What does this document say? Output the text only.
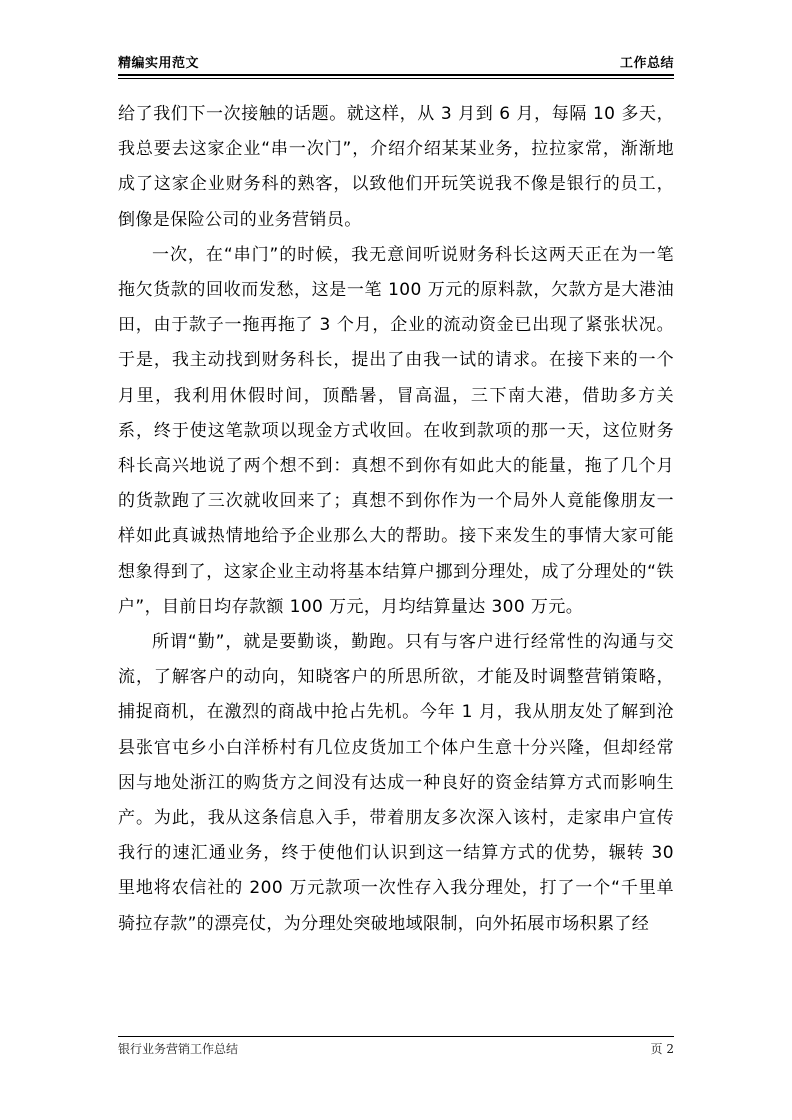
精编实用范文	工作总结

给了我们下一次接触的话题。就这样，从 3 月到 6 月，每隔 10 多天，我总要去这家企业“串一次门”，介绍介绍某某业务，拉拉家常，渐渐地成了这家企业财务科的熟客，以致他们开玩笑说我不像是银行的员工，倒像是保险公司的业务营销员。

一次，在“串门”的时候，我无意间听说财务科长这两天正在为一笔拖欠货款的回收而发愁，这是一笔 100 万元的原料款，欠款方是大港油田，由于款子一拖再拖了 3 个月，企业的流动资金已出现了紧张状况。于是，我主动找到财务科长，提出了由我一试的请求。在接下来的一个月里，我利用休假时间，顶酷暑，冒高温，三下南大港，借助多方关系，终于使这笔款项以现金方式收回。在收到款项的那一天，这位财务科长高兴地说了两个想不到：真想不到你有如此大的能量，拖了几个月的货款跑了三次就收回来了；真想不到你作为一个局外人竟能像朋友一样如此真诚热情地给予企业那么大的帮助。接下来发生的事情大家可能想象得到了，这家企业主动将基本结算户挪到分理处，成了分理处的“铁户”，目前日均存款额 100 万元，月均结算量达 300 万元。

所谓“勤”，就是要勤谈，勤跑。只有与客户进行经常性的沟通与交流，了解客户的动向，知晓客户的所思所欲，才能及时调整营销策略，捕捉商机，在激烈的商战中抢占先机。今年 1 月，我从朋友处了解到沧县张官屯乡小白洋桥村有几位皮货加工个体户生意十分兴隆，但却经常因与地处浙江的购货方之间没有达成一种良好的资金结算方式而影响生产。为此，我从这条信息入手，带着朋友多次深入该村，走家串户宣传我行的速汇通业务，终于使他们认识到这一结算方式的优势，辗转 30 里地将农信社的 200 万元款项一次性存入我分理处，打了一个“千里单骑拉存款”的漂亮仗，为分理处突破地域限制，向外拓展市场积累了经

银行业务营销工作总结	页 2
